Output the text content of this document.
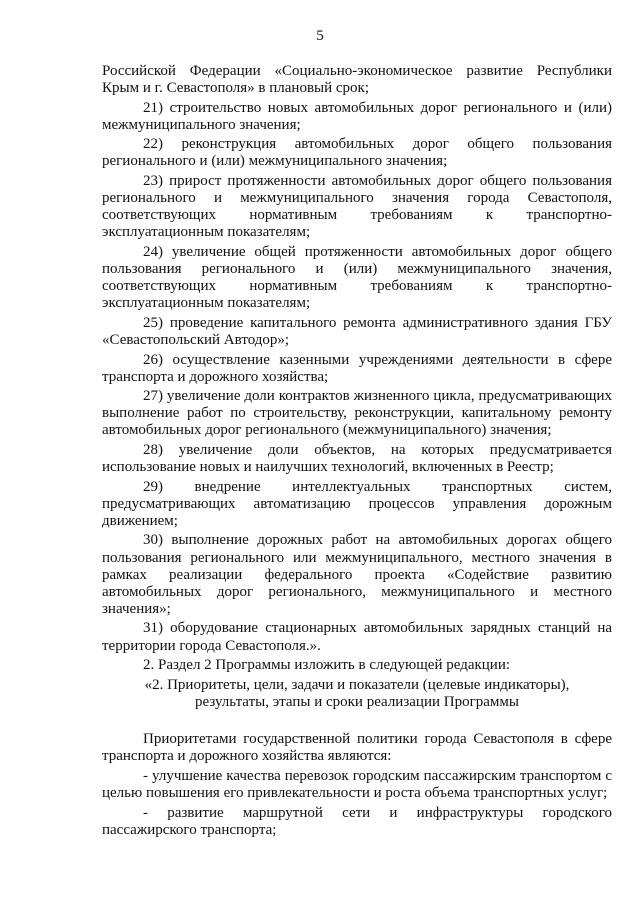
5

Российской Федерации «Социально-экономическое развитие Республики Крым и г. Севастополя» в плановый срок;

21) строительство новых автомобильных дорог регионального и (или) межмуниципального значения;

22) реконструкция автомобильных дорог общего пользования регионального и (или) межмуниципального значения;

23) прирост протяженности автомобильных дорог общего пользования регионального и межмуниципального значения города Севастополя, соответствующих нормативным требованиям к транспортно-эксплуатационным показателям;

24) увеличение общей протяженности автомобильных дорог общего пользования регионального и (или) межмуниципального значения, соответствующих нормативным требованиям к транспортно-эксплуатационным показателям;

25) проведение капитального ремонта административного здания ГБУ «Севастопольский Автодор»;

26) осуществление казенными учреждениями деятельности в сфере транспорта и дорожного хозяйства;

27) увеличение доли контрактов жизненного цикла, предусматривающих выполнение работ по строительству, реконструкции, капитальному ремонту автомобильных дорог регионального (межмуниципального) значения;

28) увеличение доли объектов, на которых предусматривается использование новых и наилучших технологий, включенных в Реестр;

29) внедрение интеллектуальных транспортных систем, предусматривающих автоматизацию процессов управления дорожным движением;

30) выполнение дорожных работ на автомобильных дорогах общего пользования регионального или межмуниципального, местного значения в рамках реализации федерального проекта «Содействие развитию автомобильных дорог регионального, межмуниципального и местного значения»;

31) оборудование стационарных автомобильных зарядных станций на территории города Севастополя.».

2. Раздел 2 Программы изложить в следующей редакции:

«2. Приоритеты, цели, задачи и показатели (целевые индикаторы),

результаты, этапы и сроки реализации Программы

Приоритетами государственной политики города Севастополя в сфере транспорта и дорожного хозяйства являются:

- улучшение качества перевозок городским пассажирским транспортом с целью повышения его привлекательности и роста объема транспортных услуг;

- развитие маршрутной сети и инфраструктуры городского пассажирского транспорта;
